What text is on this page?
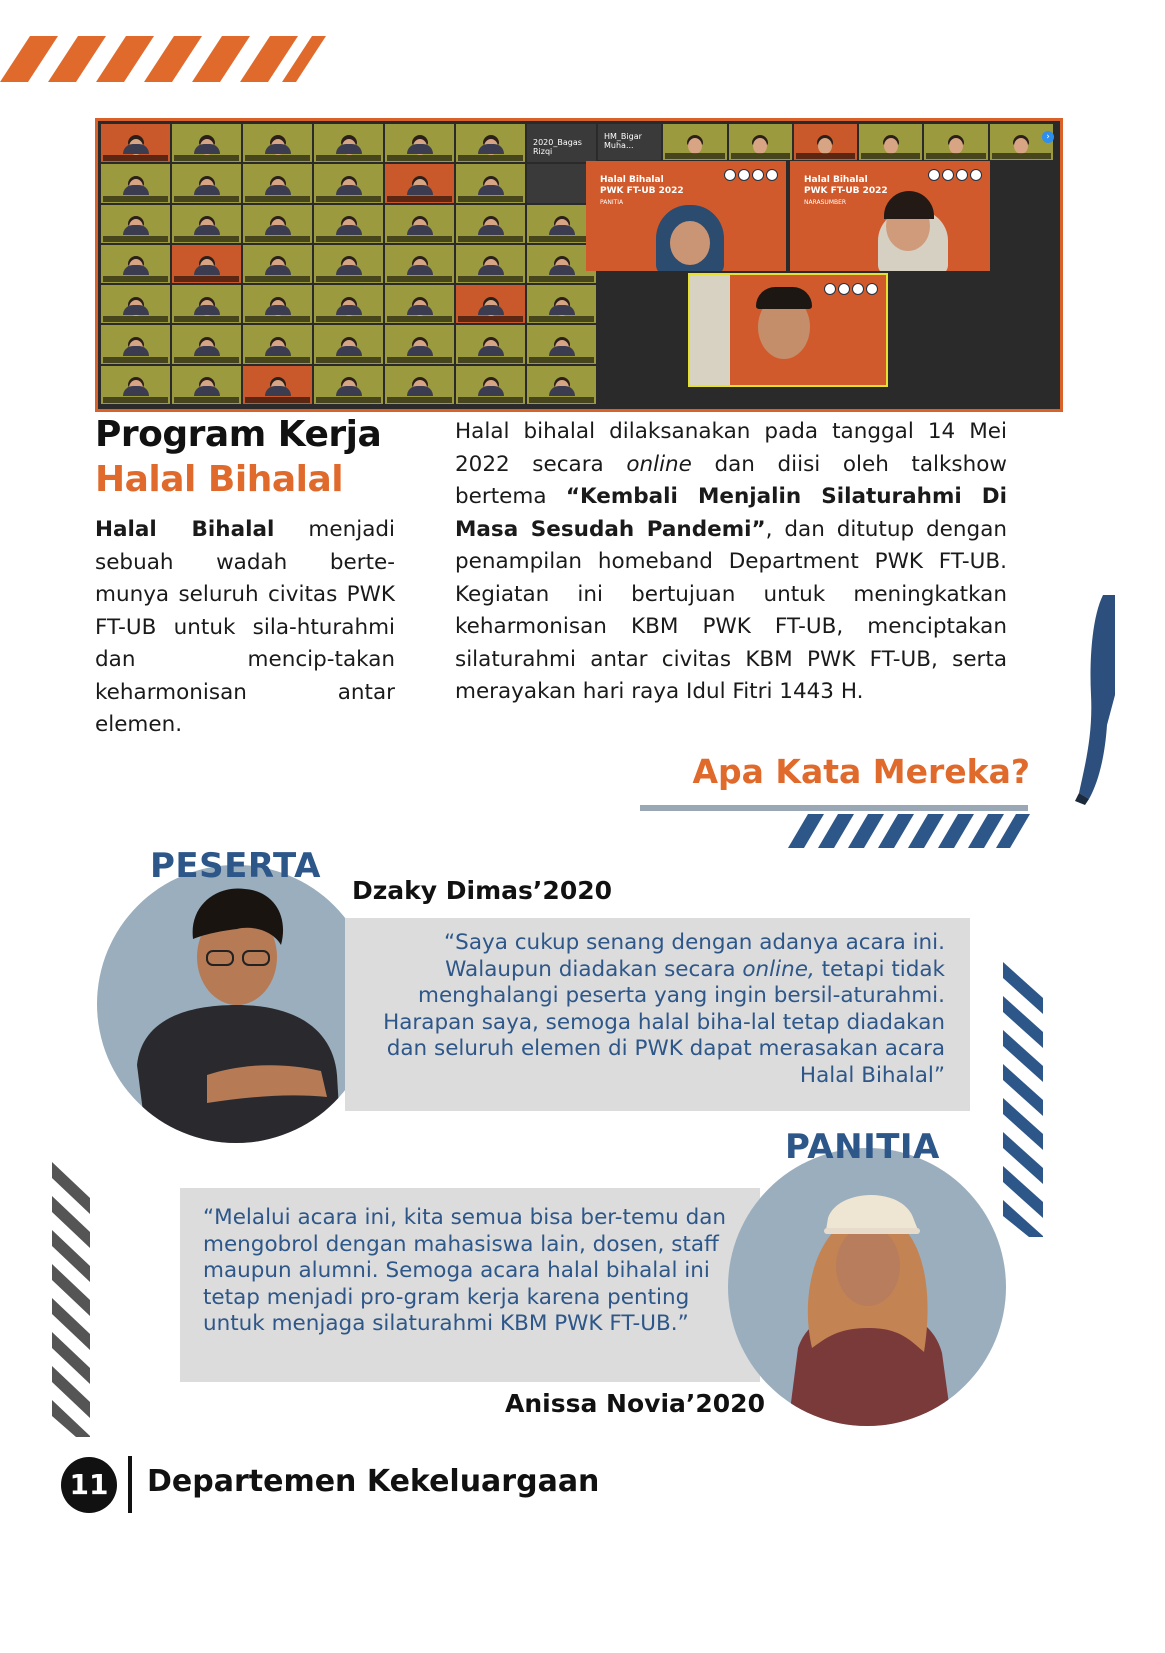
2020_Bagas Rizqi
HM_Bigar Muha...
Halal Bihalal PWK FT-UB 2022
PANITIA
Halal Bihalal PWK FT-UB 2022
NARASUMBER
›
Program Kerja
Halal Bihalal
Halal Bihalal menjadi sebuah wadah berte-munya seluruh civitas PWK FT-UB untuk sila-hturahmi dan mencip-takan keharmonisan antar elemen.
Halal bihalal dilaksanakan pada tanggal 14 Mei 2022 secara online dan diisi oleh talkshow bertema “Kembali Menjalin Silaturahmi Di Masa Sesudah Pandemi”, dan ditutup dengan penampilan homeband Department PWK FT-UB. Kegiatan ini bertujuan untuk meningkatkan keharmonisan KBM PWK FT-UB, menciptakan silaturahmi antar civitas KBM PWK FT-UB, serta merayakan hari raya Idul Fitri 1443 H.
Apa Kata Mereka?
PESERTA
Dzaky Dimas’2020
“Saya cukup senang dengan adanya acara ini. Walaupun diadakan secara online, tetapi tidak menghalangi peserta yang ingin bersil-aturahmi. Harapan saya, semoga halal biha-lal tetap diadakan dan seluruh elemen di PWK dapat merasakan acara Halal Bihalal”
“Melalui acara ini, kita semua bisa ber-temu dan mengobrol dengan mahasiswa lain, dosen, staff maupun alumni. Semoga acara halal bihalal ini tetap menjadi pro-gram kerja karena penting untuk menjaga silaturahmi KBM PWK FT-UB.”
PANITIA
Anissa Novia’2020
11 Departemen Kekeluargaan
